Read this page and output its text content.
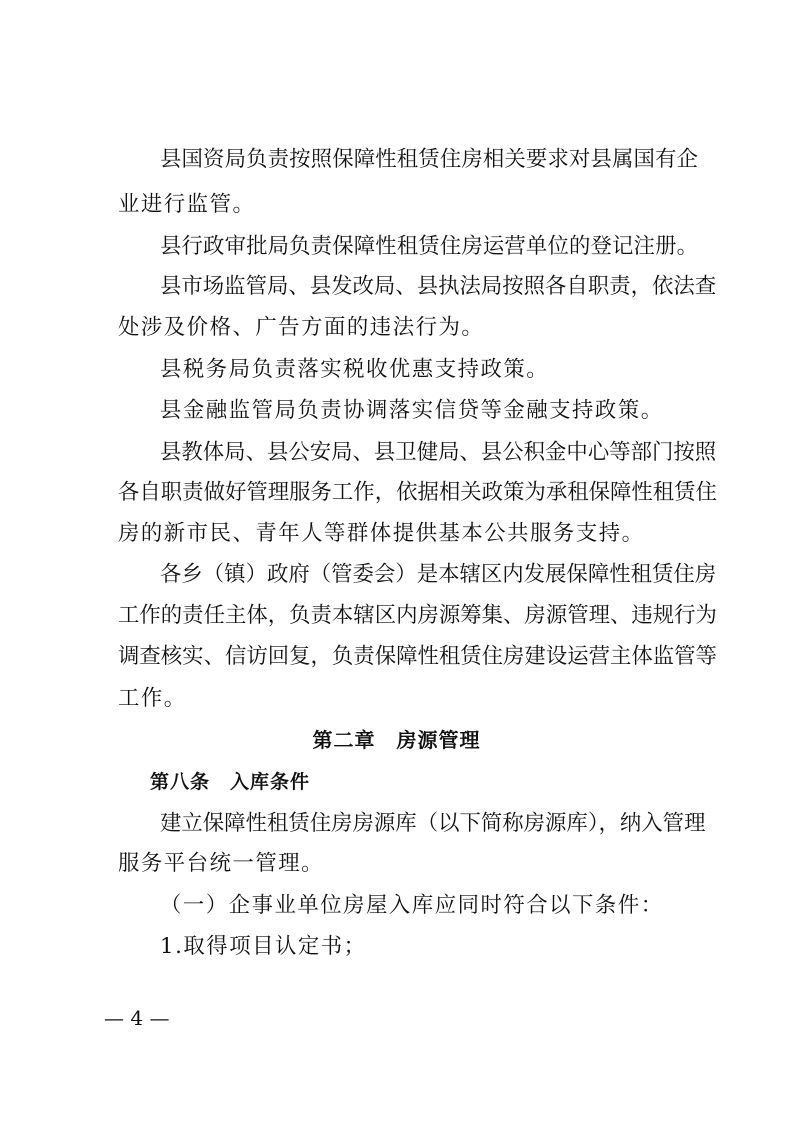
县国资局负责按照保障性租赁住房相关要求对县属国有企
业进行监管。
县行政审批局负责保障性租赁住房运营单位的登记注册。
县市场监管局、县发改局、县执法局按照各自职责，依法查
处涉及价格、广告方面的违法行为。
县税务局负责落实税收优惠支持政策。
县金融监管局负责协调落实信贷等金融支持政策。
县教体局、县公安局、县卫健局、县公积金中心等部门按照
各自职责做好管理服务工作，依据相关政策为承租保障性租赁住
房的新市民、青年人等群体提供基本公共服务支持。
各乡（镇）政府（管委会）是本辖区内发展保障性租赁住房
工作的责任主体，负责本辖区内房源筹集、房源管理、违规行为
调查核实、信访回复，负责保障性租赁住房建设运营主体监管等
工作。
第二章　房源管理
第八条　入库条件
建立保障性租赁住房房源库（以下简称房源库），纳入管理
服务平台统一管理。
（一）企事业单位房屋入库应同时符合以下条件：
1.取得项目认定书；
— 4 —
